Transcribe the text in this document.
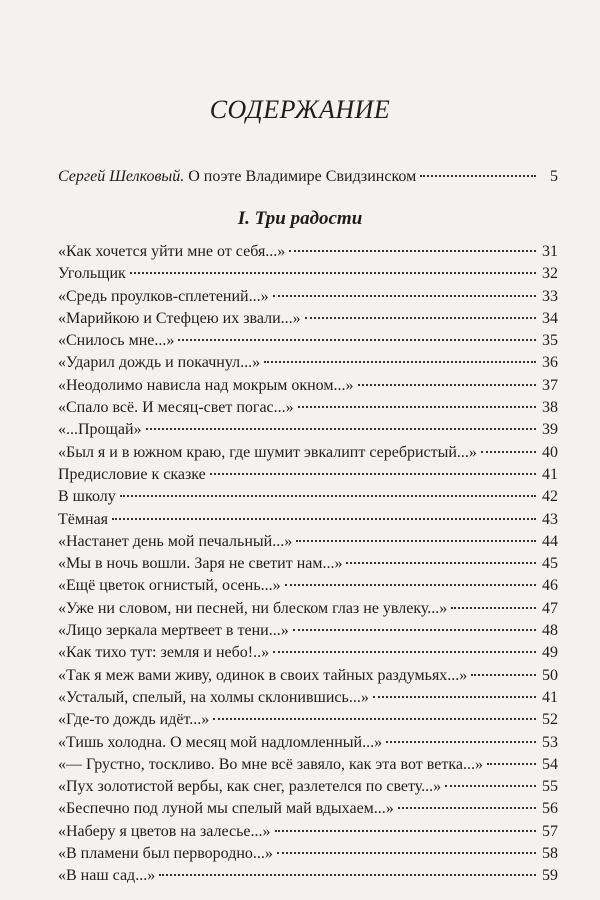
СОДЕРЖАНИЕ
Сергей Шелковый. О поэте Владимире Свидзинском	5
I. Три радости
«Как хочется уйти мне от себя...»	31
Угольщик	32
«Средь проулков-сплетений...»	33
«Марийкою и Стефцею их звали...»	34
«Снилось мне...»	35
«Ударил дождь и покачнул...»	36
«Неодолимо нависла над мокрым окном...»	37
«Спало всё. И месяц-свет погас...»	38
«...Прощай»	39
«Был я и в южном краю, где шумит эвкалипт серебристый...»	40
Предисловие к сказке	41
В школу	42
Тёмная	43
«Настанет день мой печальный...»	44
«Мы в ночь вошли. Заря не светит нам...»	45
«Ещё цветок огнистый, осень...»	46
«Уже ни словом, ни песней, ни блеском глаз не увлеку...»	47
«Лицо зеркала мертвеет в тени...»	48
«Как тихо тут: земля и небо!..»	49
«Так я меж вами живу, одинок в своих тайных раздумьях...»	50
«Усталый, спелый, на холмы склонившись...»	41
«Где-то дождь идёт...»	52
«Тишь холодна. О месяц мой надломленный...»	53
«— Грустно, тоскливо. Во мне всё завяло, как эта вот ветка...»	54
«Пух золотистой вербы, как снег, разлетелся по свету...»	55
«Беспечно под луной мы спелый май вдыхаем...»	56
«Наберу я цветов на залесье...»	57
«В пламени был первородно...»	58
«В наш сад...»	59
